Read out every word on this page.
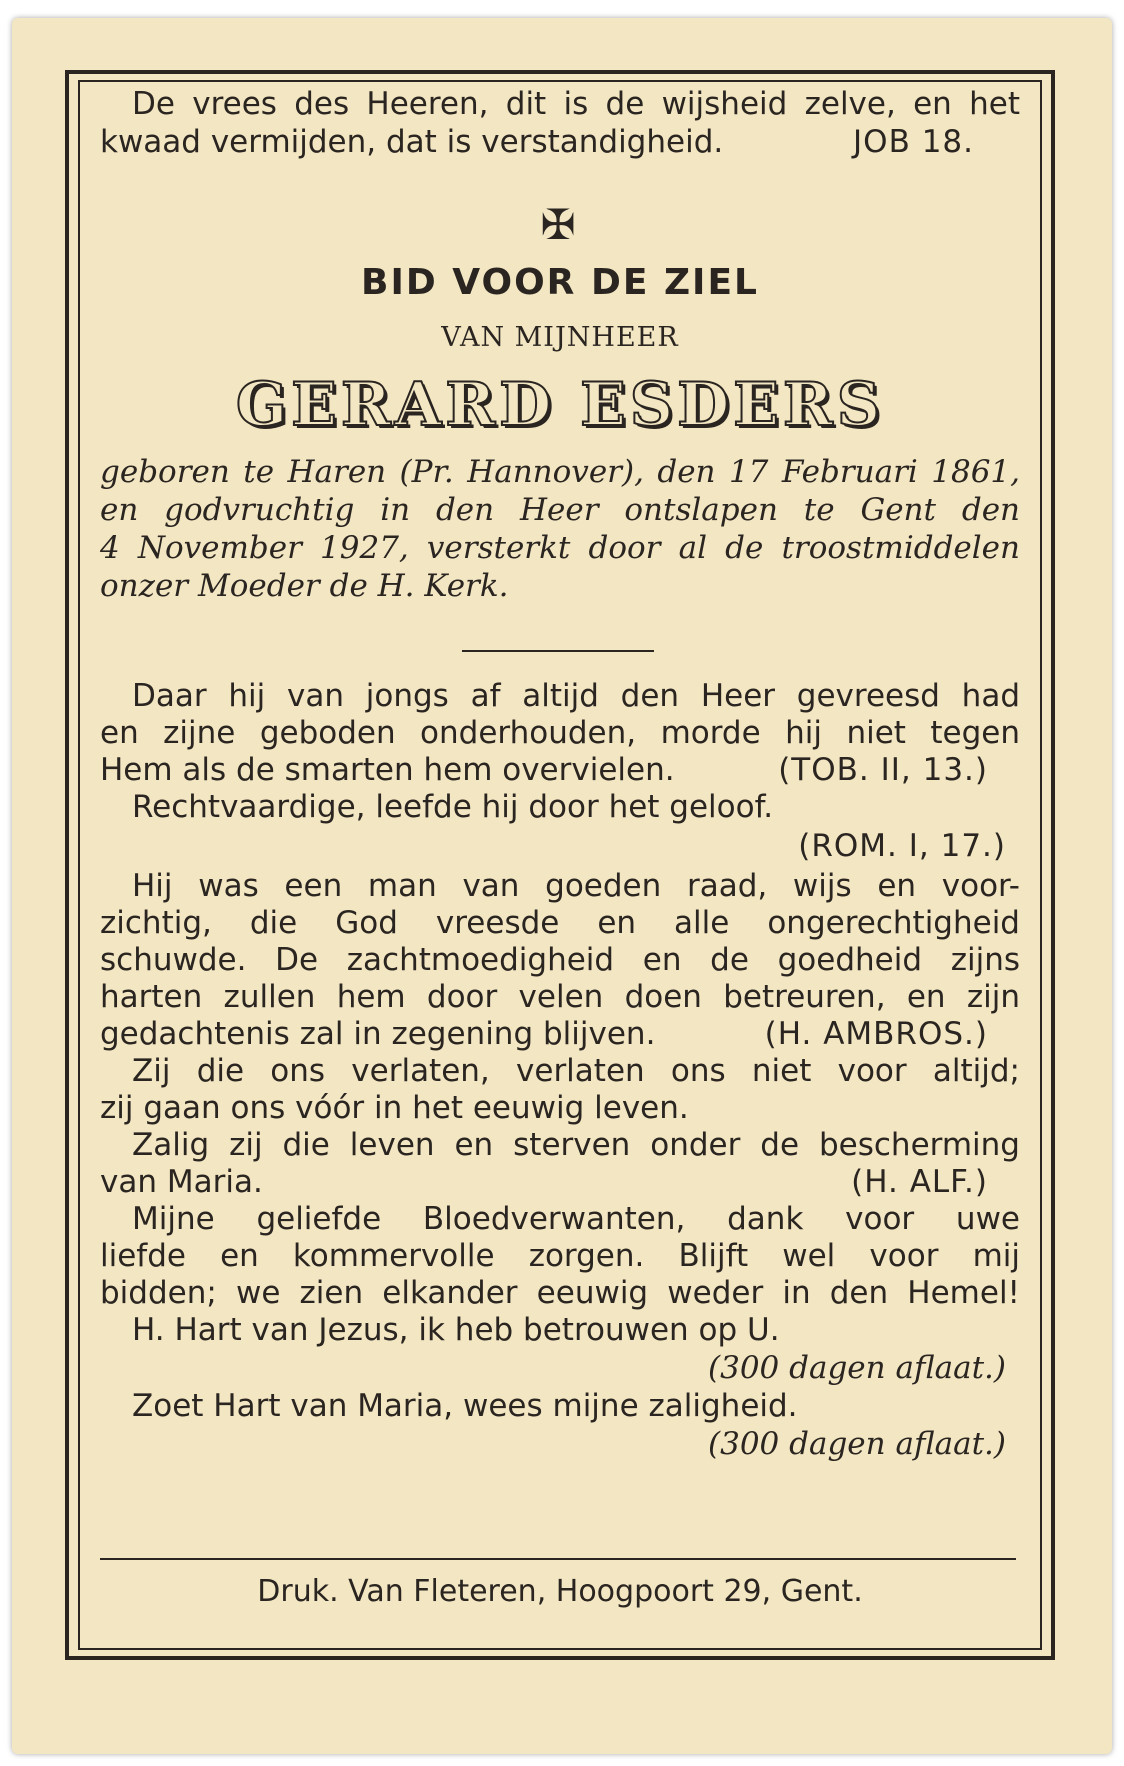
De vrees des Heeren, dit is de wijsheid zelve, en het
kwaad vermijden, dat is verstandigheid.	JOB 18.
✠
BID VOOR DE ZIEL
VAN MIJNHEER
GERARD ESDERS
geboren te Haren (Pr. Hannover), den 17 Februari 1861,
en godvruchtig in den Heer ontslapen te Gent den
4 November 1927, versterkt door al de troostmiddelen
onzer Moeder de H. Kerk.
Daar hij van jongs af altijd den Heer gevreesd had
en zijne geboden onderhouden, morde hij niet tegen
Hem als de smarten hem overvielen.	(TOB. II, 13.)
Rechtvaardige, leefde hij door het geloof.
(ROM. I, 17.)
Hij was een man van goeden raad, wijs en voor-
zichtig, die God vreesde en alle ongerechtigheid
schuwde. De zachtmoedigheid en de goedheid zijns
harten zullen hem door velen doen betreuren, en zijn
gedachtenis zal in zegening blijven.	(H. AMBROS.)
Zij die ons verlaten, verlaten ons niet voor altijd;
zij gaan ons vóór in het eeuwig leven.
Zalig zij die leven en sterven onder de bescherming
van Maria.	(H. ALF.)
Mijne geliefde Bloedverwanten, dank voor uwe
liefde en kommervolle zorgen. Blijft wel voor mij
bidden; we zien elkander eeuwig weder in den Hemel!
H. Hart van Jezus, ik heb betrouwen op U.
(300 dagen aflaat.)
Zoet Hart van Maria, wees mijne zaligheid.
(300 dagen aflaat.)
Druk. Van Fleteren, Hoogpoort 29, Gent.
